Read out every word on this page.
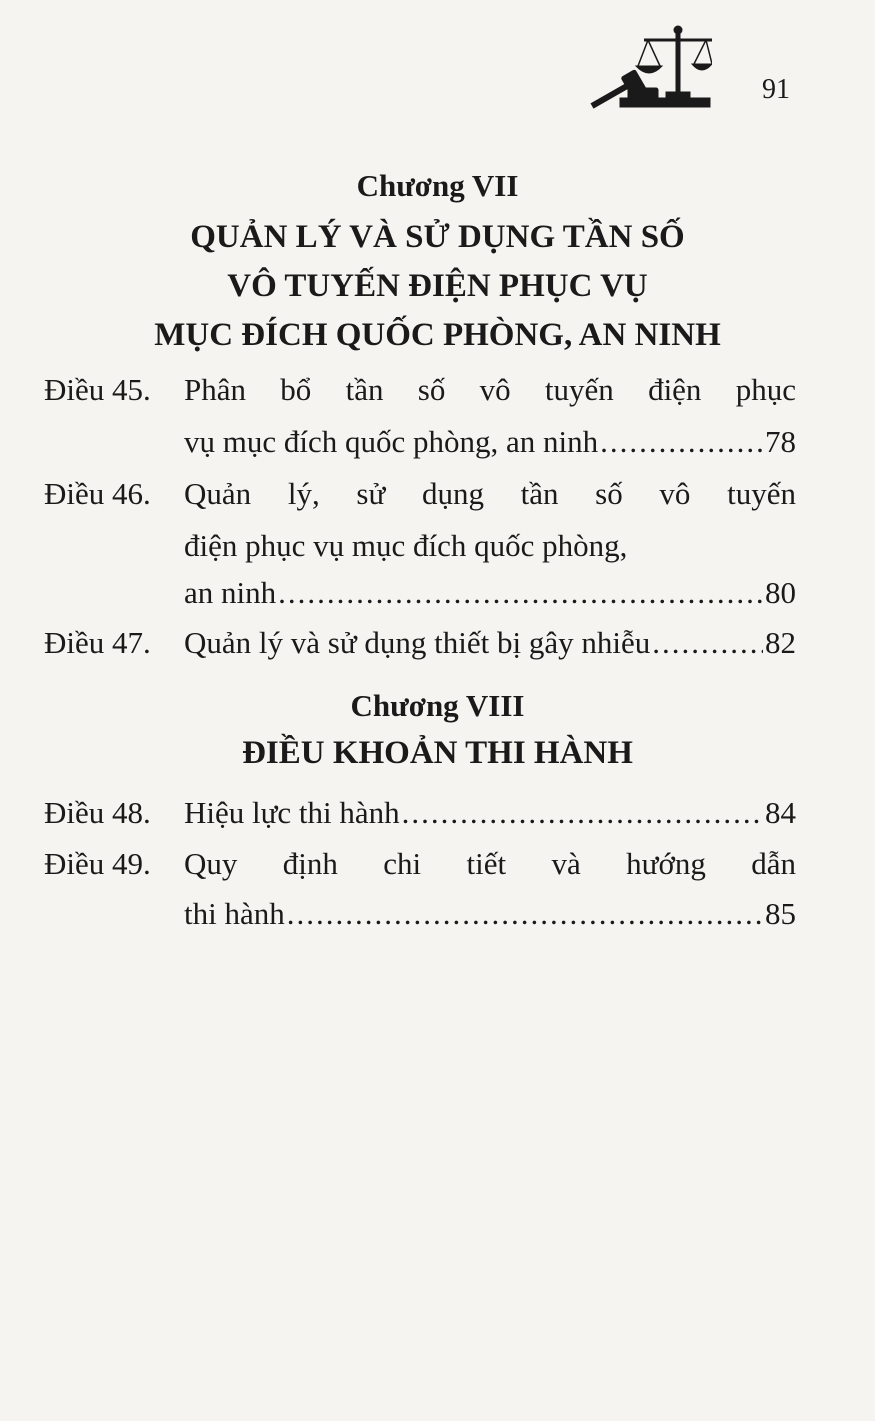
91
Chương VII
QUẢN LÝ VÀ SỬ DỤNG TẦN SỐ
VÔ TUYẾN ĐIỆN PHỤC VỤ
MỤC ĐÍCH QUỐC PHÒNG, AN NINH
Điều 45. Phân bổ tần số vô tuyến điện phục
vụ mục đích quốc phòng, an ninh .....	78
Điều 46. Quản lý, sử dụng tần số vô tuyến
điện phục vụ mục đích quốc phòng,
an ninh .....	80
Điều 47. Quản lý và sử dụng thiết bị gây nhiễu .....	82
Chương VIII
ĐIỀU KHOẢN THI HÀNH
Điều 48. Hiệu lực thi hành .....	84
Điều 49. Quy định chi tiết và hướng dẫn
thi hành .....	85
